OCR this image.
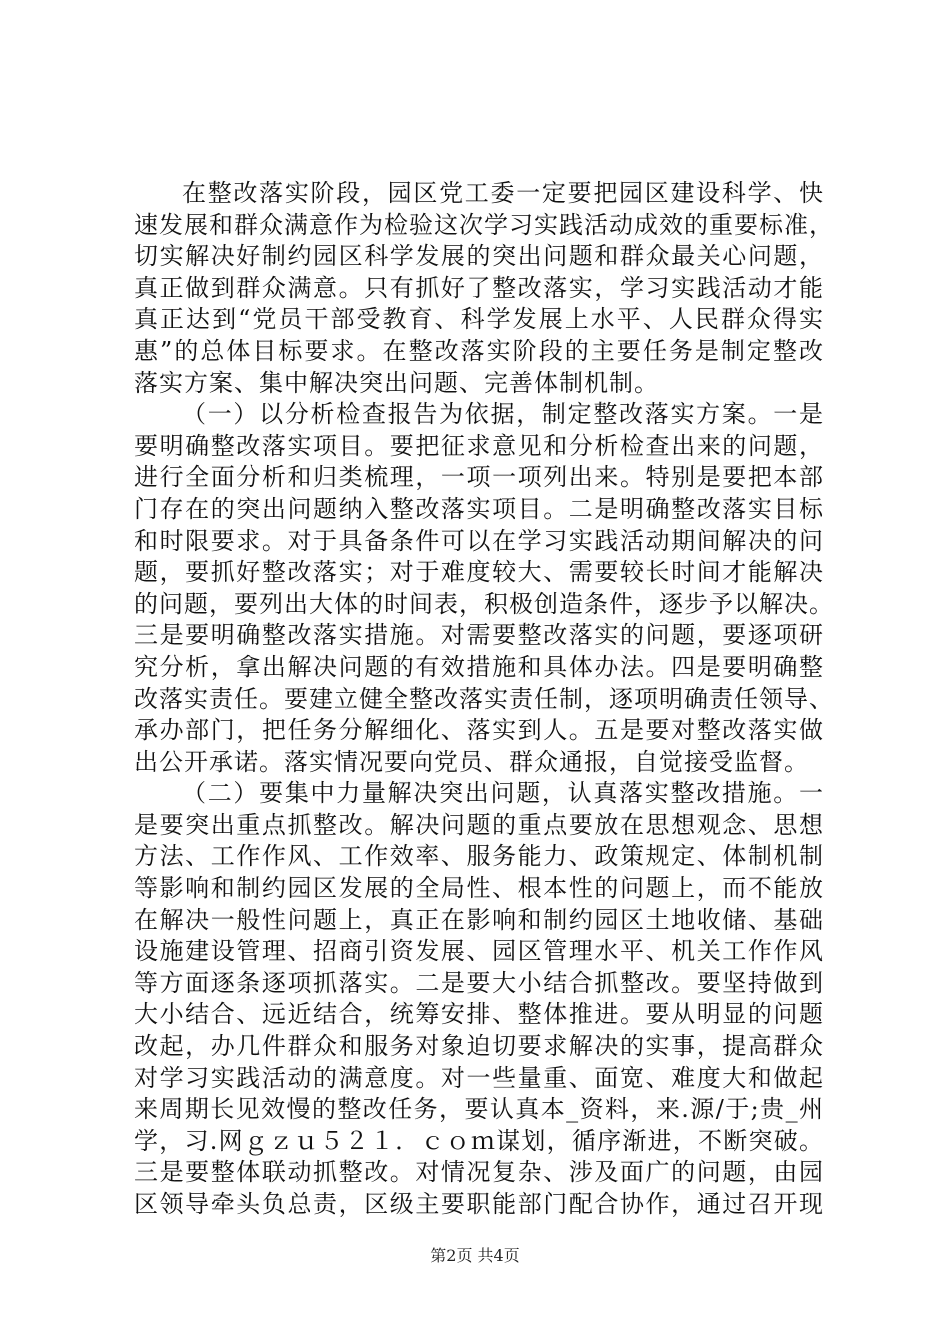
在整改落实阶段，园区党工委一定要把园区建设科学、快
速发展和群众满意作为检验这次学习实践活动成效的重要标准，
切实解决好制约园区科学发展的突出问题和群众最关心问题，
真正做到群众满意。只有抓好了整改落实，学习实践活动才能
真正达到“党员干部受教育、科学发展上水平、人民群众得实
惠”的总体目标要求。在整改落实阶段的主要任务是制定整改
落实方案、集中解决突出问题、完善体制机制。
（一）以分析检查报告为依据，制定整改落实方案。一是
要明确整改落实项目。要把征求意见和分析检查出来的问题，
进行全面分析和归类梳理，一项一项列出来。特别是要把本部
门存在的突出问题纳入整改落实项目。二是明确整改落实目标
和时限要求。对于具备条件可以在学习实践活动期间解决的问
题，要抓好整改落实；对于难度较大、需要较长时间才能解决
的问题，要列出大体的时间表，积极创造条件，逐步予以解决。
三是要明确整改落实措施。对需要整改落实的问题，要逐项研
究分析，拿出解决问题的有效措施和具体办法。四是要明确整
改落实责任。要建立健全整改落实责任制，逐项明确责任领导、
承办部门，把任务分解细化、落实到人。五是要对整改落实做
出公开承诺。落实情况要向党员、群众通报，自觉接受监督。
（二）要集中力量解决突出问题，认真落实整改措施。一
是要突出重点抓整改。解决问题的重点要放在思想观念、思想
方法、工作作风、工作效率、服务能力、政策规定、体制机制
等影响和制约园区发展的全局性、根本性的问题上，而不能放
在解决一般性问题上，真正在影响和制约园区土地收储、基础
设施建设管理、招商引资发展、园区管理水平、机关工作作风
等方面逐条逐项抓落实。二是要大小结合抓整改。要坚持做到
大小结合、远近结合，统筹安排、整体推进。要从明显的问题
改起，办几件群众和服务对象迫切要求解决的实事，提高群众
对学习实践活动的满意度。对一些量重、面宽、难度大和做起
来周期长见效慢的整改任务，要认真本_资料，来.源/于;贵_州
学，习.网ｇｚｕ５２１．ｃｏｍ谋划，循序渐进，不断突破。
三是要整体联动抓整改。对情况复杂、涉及面广的问题，由园
区领导牵头负总责，区级主要职能部门配合协作，通过召开现
第2页 共4页
